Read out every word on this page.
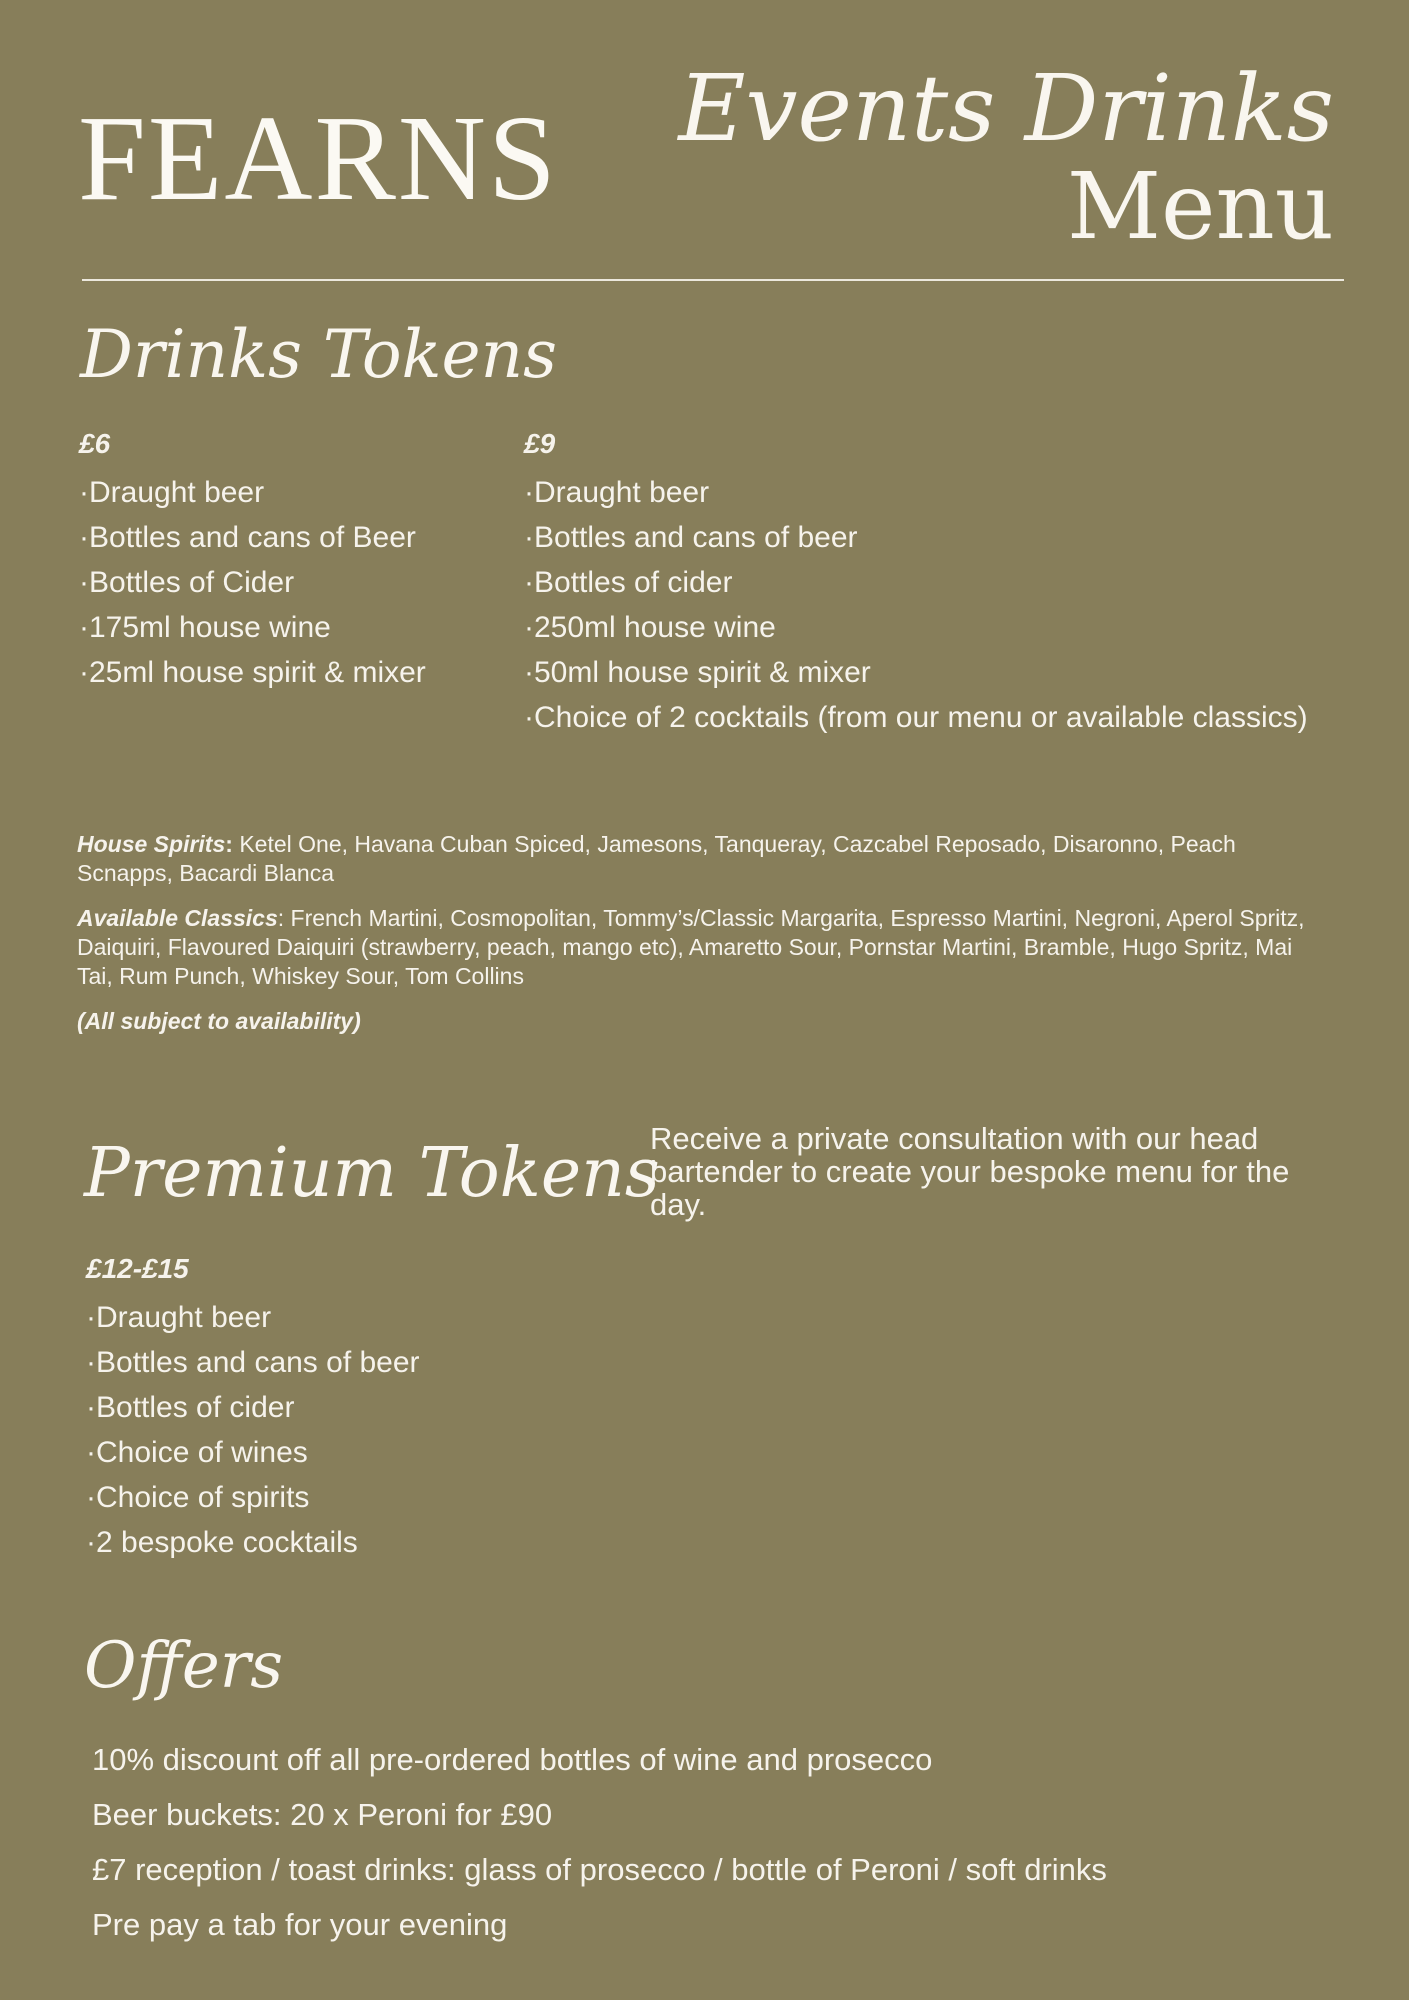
FEARNS	Events Drinks
Menu
Drinks Tokens
£6
· Draught beer
· Bottles and cans of Beer
· Bottles of Cider
· 175ml house wine
· 25ml house spirit & mixer
£9
· Draught beer
· Bottles and cans of beer
· Bottles of cider
· 250ml house wine
· 50ml house spirit & mixer
· Choice of 2 cocktails (from our menu or available classics)

House Spirits: Ketel One, Havana Cuban Spiced, Jamesons, Tanqueray, Cazcabel Reposado, Disaronno, Peach Scnapps, Bacardi Blanca

Available Classics: French Martini, Cosmopolitan, Tommy’s/Classic Margarita, Espresso Martini, Negroni, Aperol Spritz, Daiquiri, Flavoured Daiquiri (strawberry, peach, mango etc), Amaretto Sour, Pornstar Martini, Bramble, Hugo Spritz, Mai Tai, Rum Punch, Whiskey Sour, Tom Collins

(All subject to availability)

Premium Tokens
Receive a private consultation with our head bartender to create your bespoke menu for the day.
£12-£15
· Draught beer
· Bottles and cans of beer
· Bottles of cider
· Choice of wines
· Choice of spirits
· 2 bespoke cocktails
Offers
10% discount off all pre-ordered bottles of wine and prosecco
Beer buckets: 20 x Peroni for £90
£7 reception / toast drinks: glass of prosecco / bottle of Peroni / soft drinks
Pre pay a tab for your evening
